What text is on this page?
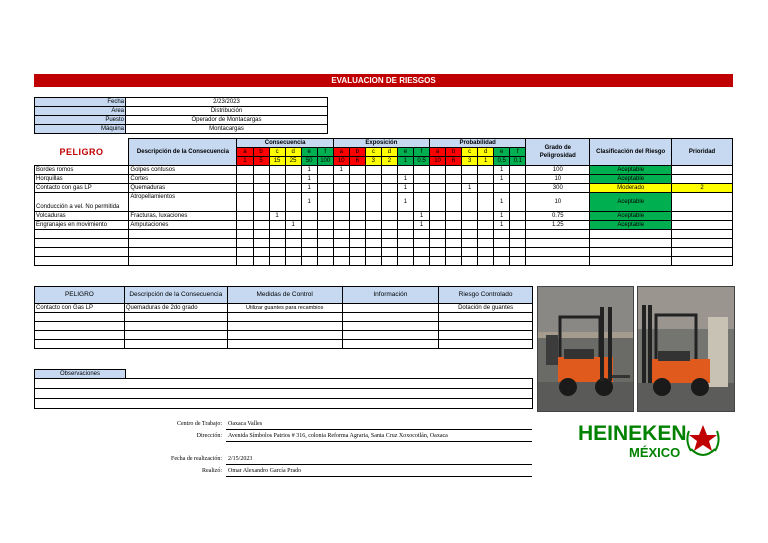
EVALUACION DE RIESGOS
Fecha	2/23/2023
Área	Distribución
Puesto	Operador de Montacargas
Máquina	Montacargas
PELIGRO	Descripción de la Consecuencia	Consecuencia						Exposición						Probabilidad						Grado de Peligrosidad	Clasificación del Riesgo	Prioridad
		a	b	c	d	e	f	a	b	c	d	e	f	a	b	c	d	e	f			
		1	5	15	25	50	100	10	6	3	2	1	0.5	10	6	3	1	0.5	0.1			
Bordes romos	Golpes contusos					1		1										1		100	Aceptable	
Horquillas	Cortes					1						1						1		10	Aceptable	
Contacto con gas LP	Quemaduras					1						1				1				300	Moderado	2
Conducción a vel. No permitida	Atropellamientos					1						1						1		10	Aceptable	
Volcaduras	Fracturas, luxaciones			1									1					1		0.75	Aceptable	
Engranajes en movimiento	Amputaciones				1								1					1		1.25	Aceptable	

PELIGRO	Descripción de la Consecuencia	Medidas de Control	Información	Riesgo Controlado
Contacto con Gas LP	Quemaduras de 2do grado	Utilizar guantes para recambios		Dotación de guantes

Observaciones	

Centro de Trabajo: Oaxaca Valles
Dirección: Avenida Símbolos Patrios # 316, colonia Reforma Agraria, Santa Cruz Xoxocotlán, Oaxaca
Fecha de realización: 2/15/2023
Realizó: Omar Alexandro García Prado
HEINEKEN
MÉXICO
